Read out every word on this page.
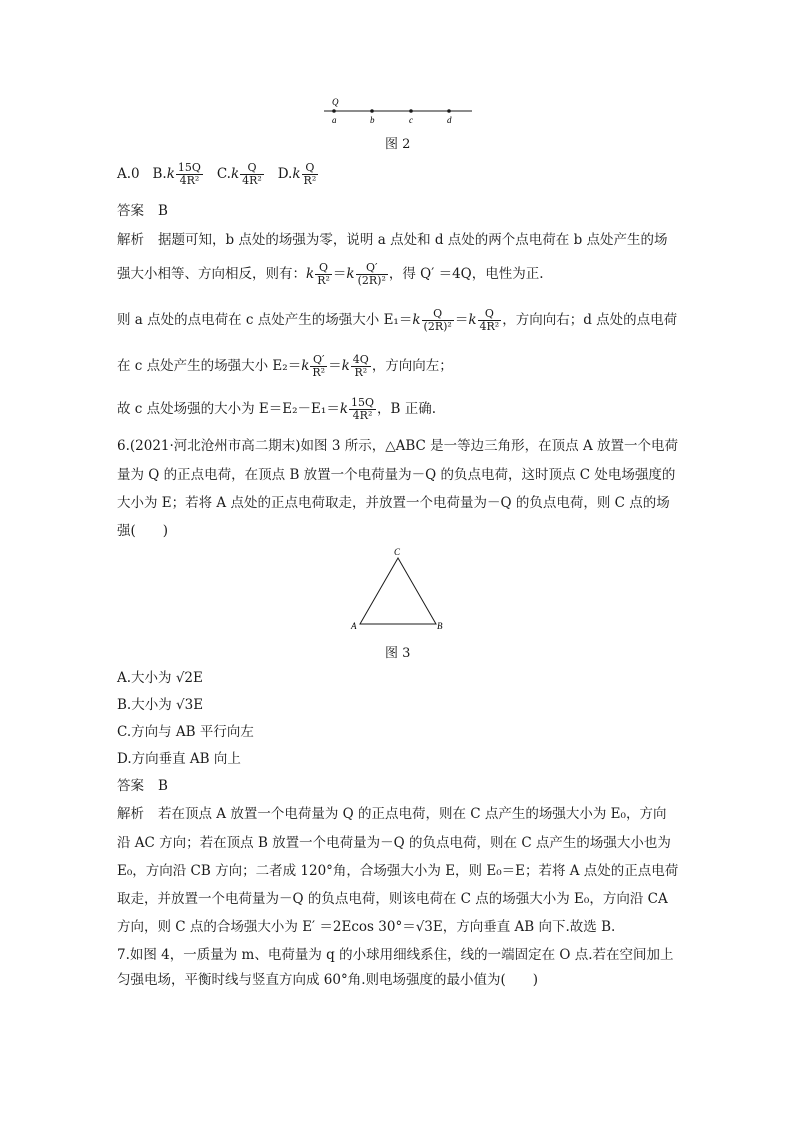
Q
a	b	c	d
图 2
A.0 $B.k \frac{15Q}{\text{4R²}} C.k \frac{Q}{\text{4R²}} D.k \frac{Q}{\text{R²}}$
答案 B
解析 据题可知，b 点处的场强为零，说明 a 点处和 d 点处的两个点电荷在 b 点处产生的场
强大小相等、方向相反，则有：k $\frac{Q}{\text{R²}} =k \frac{Q'}{\text{(2R)²}}$ ，得 Q′ ＝4Q，电性为正.
则 a 点处的点电荷在 c 点处产生的场强大小 $E_1=k \frac{Q}{\text{(2R)²}} =k \frac{Q}{\text{4R²}}$ ，方向向右；d 点处的点电荷
在 c 点处产生的场强大小 $E_2=k \frac{Q'}{\text{R²}} =k \frac{4Q}{\text{R²}}$ ，方向向左；
故 c 点处场强的大小为 $E=E_2-E_1=k \frac{15Q}{\text{4R²}}$ ，B 正确.
6.(2021·河北沧州市高二期末)如图 3 所示，△ABC 是一等边三角形，在顶点 A 放置一个电荷
量为 Q 的正点电荷，在顶点 B 放置一个电荷量为－Q 的负点电荷，这时顶点 C 处电场强度的
大小为 E；若将 A 点处的正点电荷取走，并放置一个电荷量为－Q 的负点电荷，则 C 点的场
强(　　)
C
A	B
图 3
A.大小为 √2E
B.大小为 √3E
C.方向与 AB 平行向左
D.方向垂直 AB 向上
答案 B
解析 若在顶点 A 放置一个电荷量为 Q 的正点电荷，则在 C 点产生的场强大小为 E₀，方向
沿 AC 方向；若在顶点 B 放置一个电荷量为－Q 的负点电荷，则在 C 点产生的场强大小也为
E₀，方向沿 CB 方向；二者成 120°角，合场强大小为 E，则 E₀＝E；若将 A 点处的正点电荷
取走，并放置一个电荷量为－Q 的负点电荷，则该电荷在 C 点的场强大小为 E₀，方向沿 CA
方向，则 C 点的合场强大小为 E′ ＝2Ecos 30°＝√3E，方向垂直 AB 向下.故选 B.
7.如图 4，一质量为 m、电荷量为 q 的小球用细线系住，线的一端固定在 O 点.若在空间加上
匀强电场，平衡时线与竖直方向成 60°角.则电场强度的最小值为(　　)
